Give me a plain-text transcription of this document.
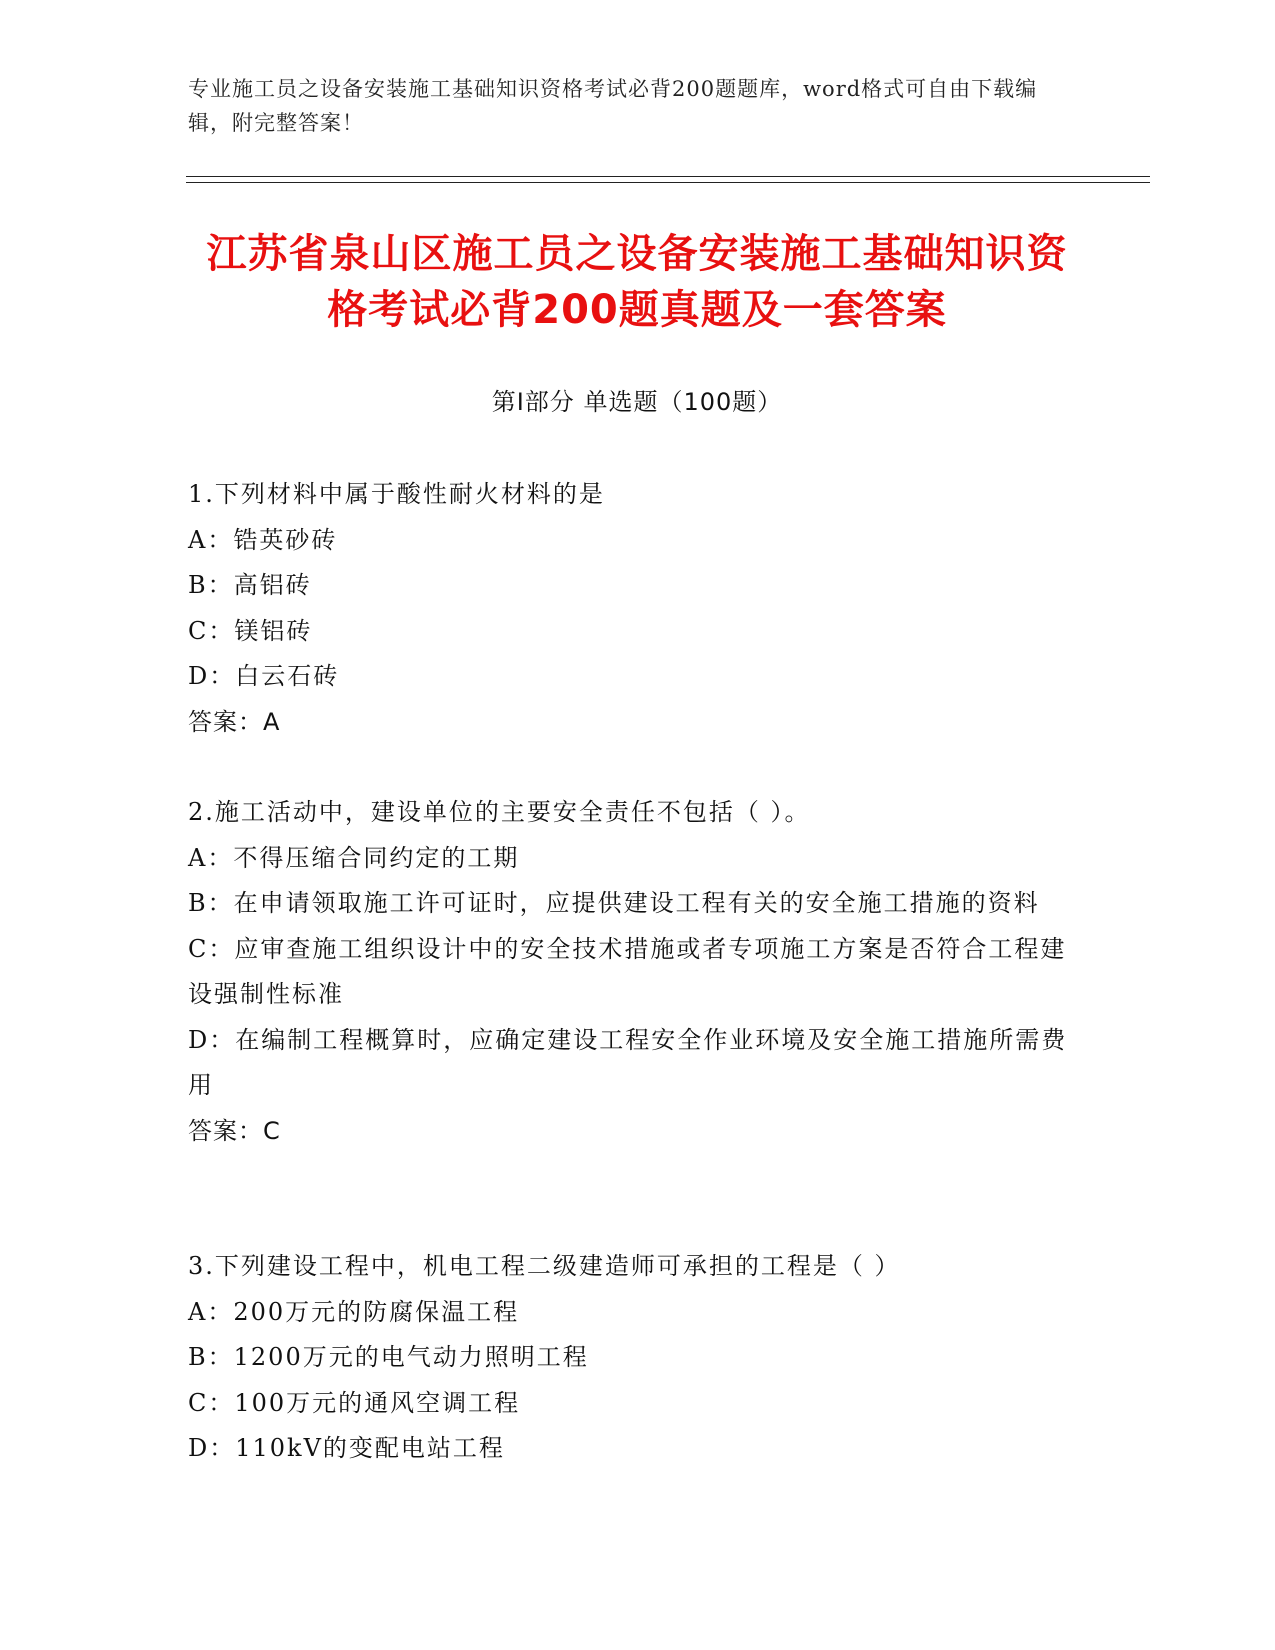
专业施工员之设备安装施工基础知识资格考试必背200题题库，word格式可自由下载编辑，附完整答案！
江苏省泉山区施工员之设备安装施工基础知识资格考试必背200题真题及一套答案
第Ⅰ部分 单选题（100题）
1.下列材料中属于酸性耐火材料的是
A：锆英砂砖
B：高铝砖
C：镁铝砖
D：白云石砖
答案：A
2.施工活动中，建设单位的主要安全责任不包括（ ）。
A：不得压缩合同约定的工期
B：在申请领取施工许可证时，应提供建设工程有关的安全施工措施的资料
C：应审查施工组织设计中的安全技术措施或者专项施工方案是否符合工程建设强制性标准
D：在编制工程概算时，应确定建设工程安全作业环境及安全施工措施所需费用
答案：C
3.下列建设工程中，机电工程二级建造师可承担的工程是（ ）
A：200万元的防腐保温工程
B：1200万元的电气动力照明工程
C：100万元的通风空调工程
D：110kV的变配电站工程
